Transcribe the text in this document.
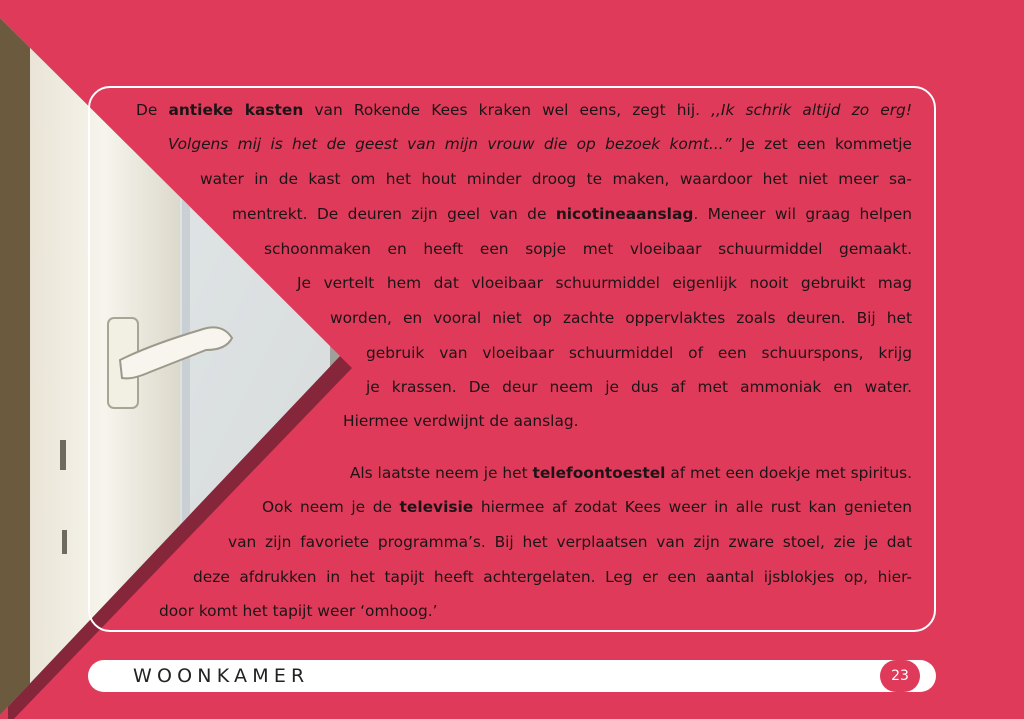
De antieke kasten van Rokende Kees kraken wel eens, zegt hij. ,,Ik schrik altijd zo erg!
Volgens mij is het de geest van mijn vrouw die op bezoek komt...” Je zet een kommetje
water in de kast om het hout minder droog te maken, waardoor het niet meer sa-
mentrekt. De deuren zijn geel van de nicotineaanslag. Meneer wil graag helpen
schoonmaken en heeft een sopje met vloeibaar schuurmiddel gemaakt.
Je vertelt hem dat vloeibaar schuurmiddel eigenlijk nooit gebruikt mag
worden, en vooral niet op zachte oppervlaktes zoals deuren. Bij het
gebruik van vloeibaar schuurmiddel of een schuurspons, krijg
je krassen. De deur neem je dus af met ammoniak en water.
Hiermee verdwijnt de aanslag.
Als laatste neem je het telefoontoestel af met een doekje met spiritus.
Ook neem je de televisie hiermee af zodat Kees weer in alle rust kan genieten
van zijn favoriete programma’s. Bij het verplaatsen van zijn zware stoel, zie je dat
deze afdrukken in het tapijt heeft achtergelaten. Leg er een aantal ijsblokjes op, hier-
door komt het tapijt weer ‘omhoog.’
WOONKAMER	23
